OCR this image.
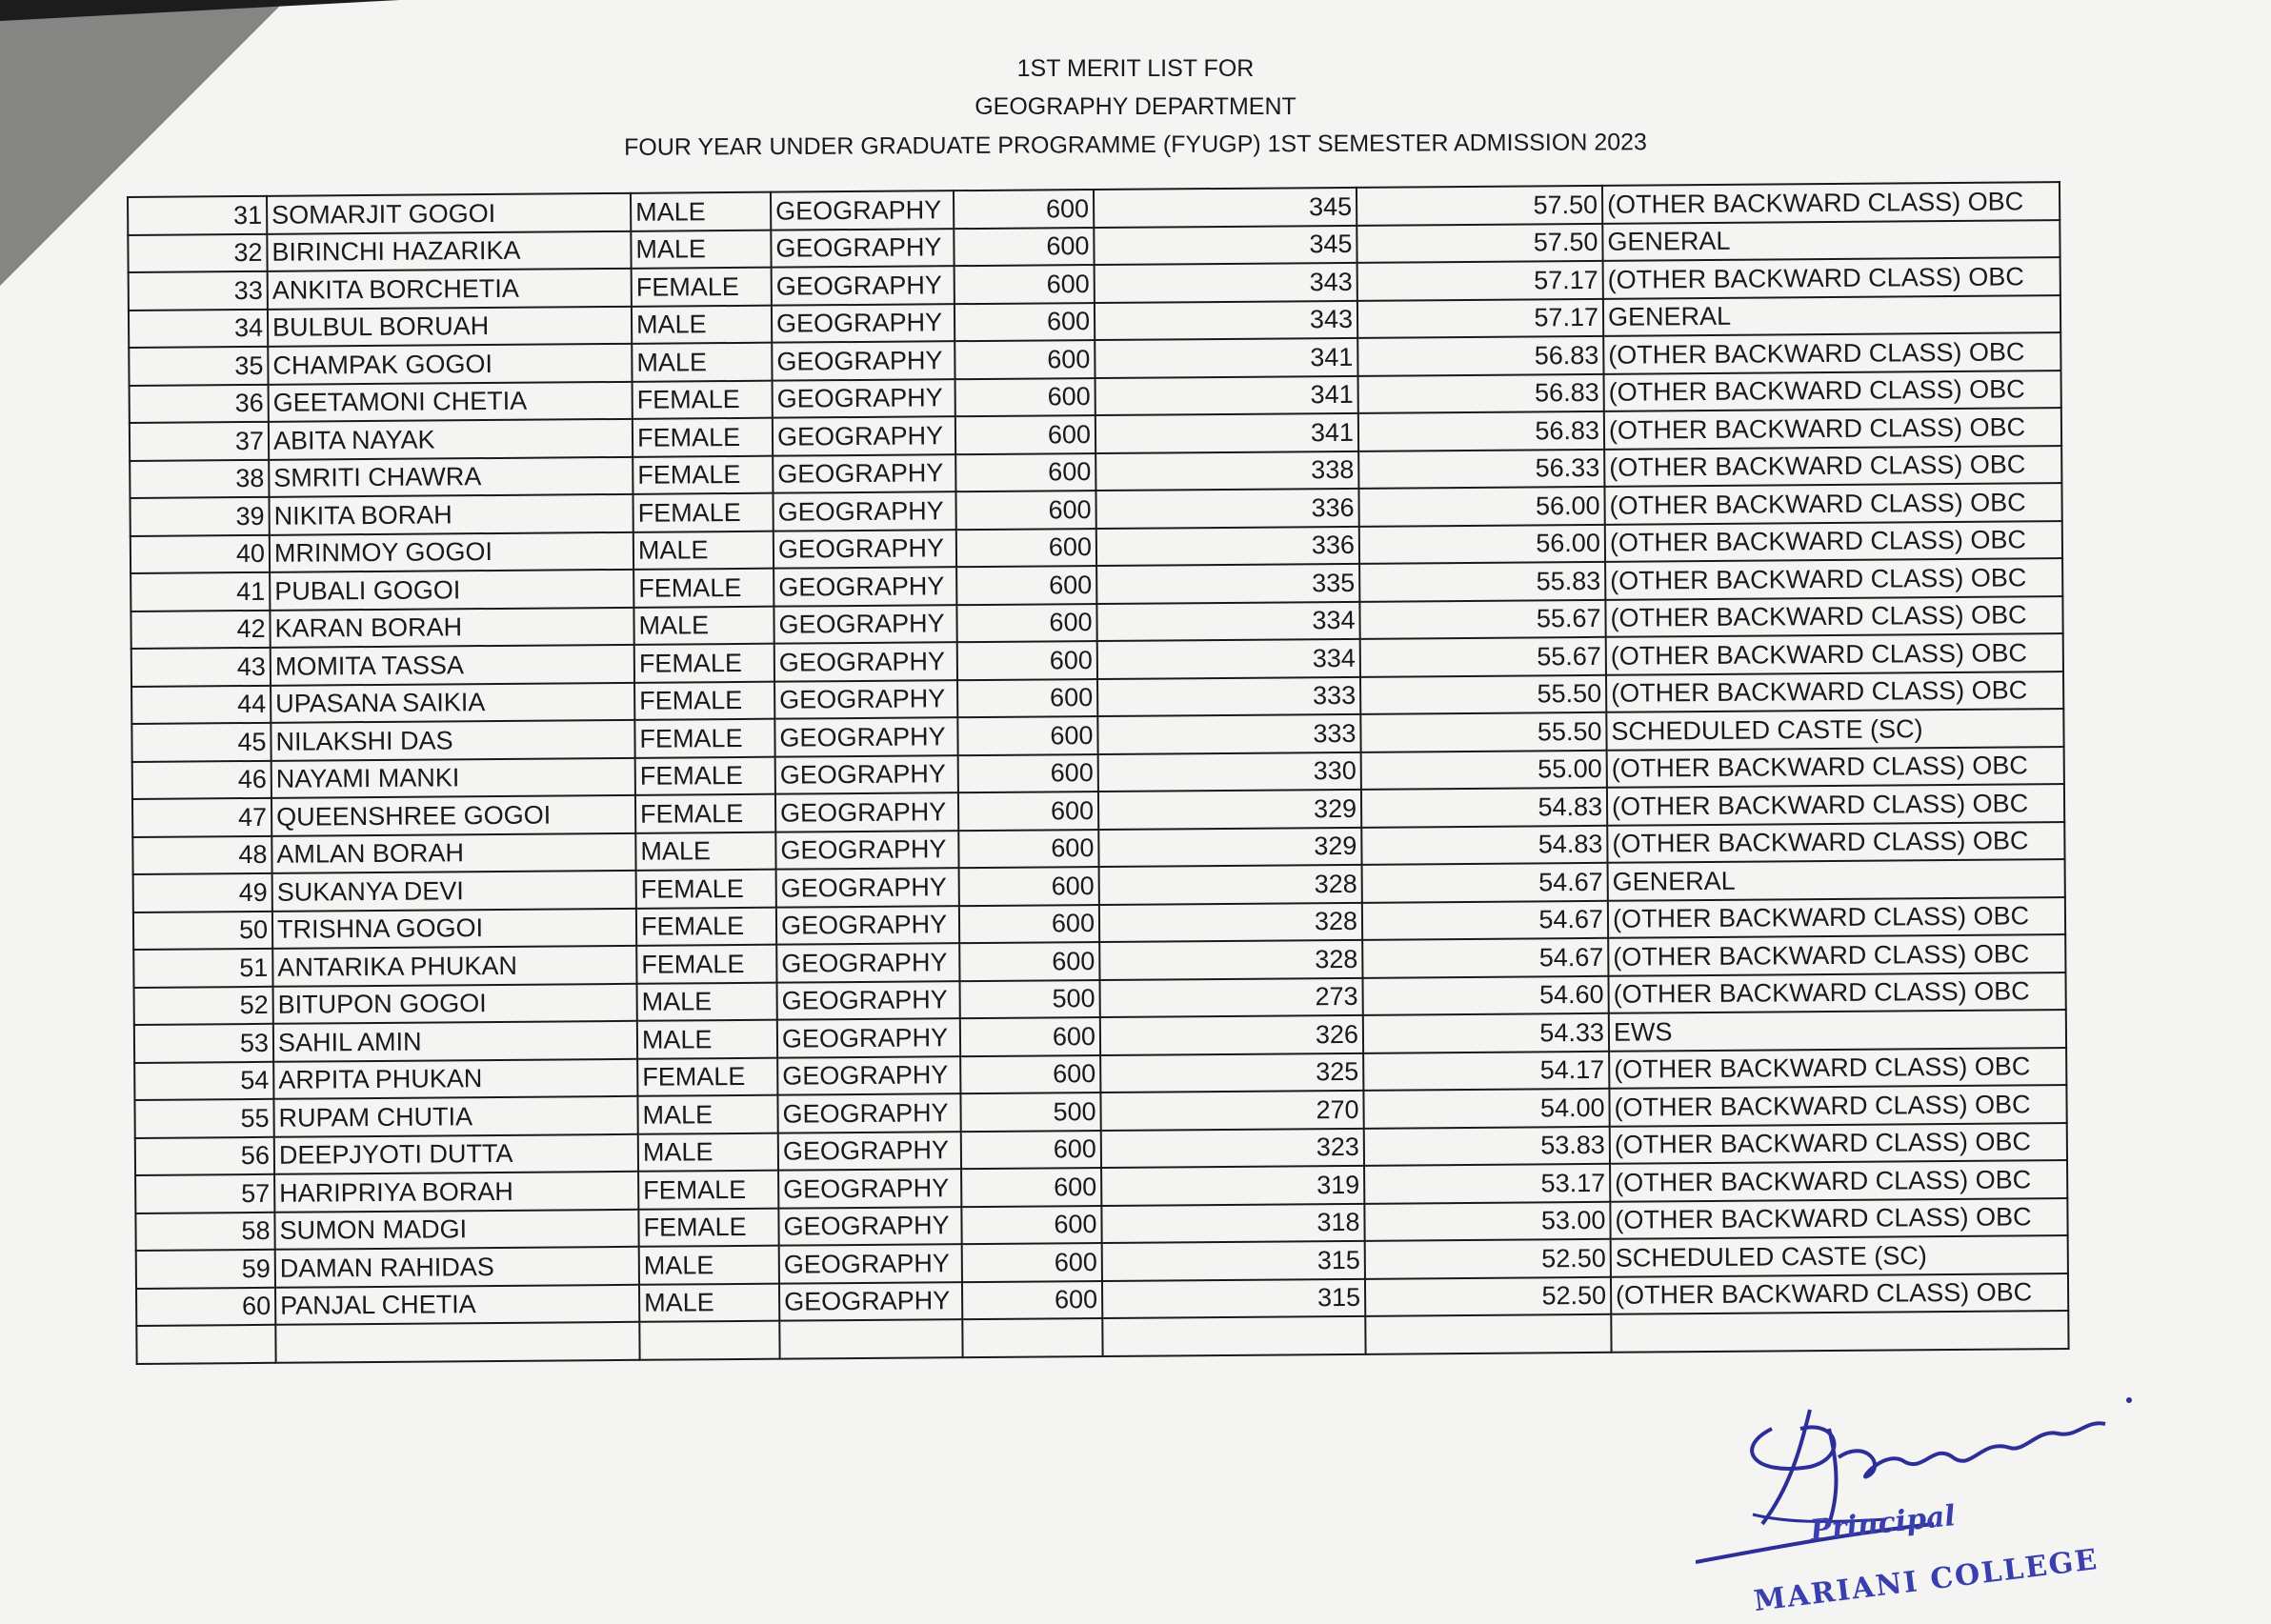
1ST MERIT LIST FOR
GEOGRAPHY DEPARTMENT
FOUR YEAR UNDER GRADUATE PROGRAMME (FYUGP) 1ST SEMESTER ADMISSION 2023
31	SOMARJIT GOGOI	MALE	GEOGRAPHY	600	345	57.50	(OTHER BACKWARD CLASS) OBC
32	BIRINCHI HAZARIKA	MALE	GEOGRAPHY	600	345	57.50	GENERAL
33	ANKITA BORCHETIA	FEMALE	GEOGRAPHY	600	343	57.17	(OTHER BACKWARD CLASS) OBC
34	BULBUL BORUAH	MALE	GEOGRAPHY	600	343	57.17	GENERAL
35	CHAMPAK GOGOI	MALE	GEOGRAPHY	600	341	56.83	(OTHER BACKWARD CLASS) OBC
36	GEETAMONI CHETIA	FEMALE	GEOGRAPHY	600	341	56.83	(OTHER BACKWARD CLASS) OBC
37	ABITA NAYAK	FEMALE	GEOGRAPHY	600	341	56.83	(OTHER BACKWARD CLASS) OBC
38	SMRITI CHAWRA	FEMALE	GEOGRAPHY	600	338	56.33	(OTHER BACKWARD CLASS) OBC
39	NIKITA BORAH	FEMALE	GEOGRAPHY	600	336	56.00	(OTHER BACKWARD CLASS) OBC
40	MRINMOY GOGOI	MALE	GEOGRAPHY	600	336	56.00	(OTHER BACKWARD CLASS) OBC
41	PUBALI GOGOI	FEMALE	GEOGRAPHY	600	335	55.83	(OTHER BACKWARD CLASS) OBC
42	KARAN BORAH	MALE	GEOGRAPHY	600	334	55.67	(OTHER BACKWARD CLASS) OBC
43	MOMITA TASSA	FEMALE	GEOGRAPHY	600	334	55.67	(OTHER BACKWARD CLASS) OBC
44	UPASANA SAIKIA	FEMALE	GEOGRAPHY	600	333	55.50	(OTHER BACKWARD CLASS) OBC
45	NILAKSHI DAS	FEMALE	GEOGRAPHY	600	333	55.50	SCHEDULED CASTE (SC)
46	NAYAMI MANKI	FEMALE	GEOGRAPHY	600	330	55.00	(OTHER BACKWARD CLASS) OBC
47	QUEENSHREE GOGOI	FEMALE	GEOGRAPHY	600	329	54.83	(OTHER BACKWARD CLASS) OBC
48	AMLAN BORAH	MALE	GEOGRAPHY	600	329	54.83	(OTHER BACKWARD CLASS) OBC
49	SUKANYA DEVI	FEMALE	GEOGRAPHY	600	328	54.67	GENERAL
50	TRISHNA GOGOI	FEMALE	GEOGRAPHY	600	328	54.67	(OTHER BACKWARD CLASS) OBC
51	ANTARIKA PHUKAN	FEMALE	GEOGRAPHY	600	328	54.67	(OTHER BACKWARD CLASS) OBC
52	BITUPON GOGOI	MALE	GEOGRAPHY	500	273	54.60	(OTHER BACKWARD CLASS) OBC
53	SAHIL AMIN	MALE	GEOGRAPHY	600	326	54.33	EWS
54	ARPITA PHUKAN	FEMALE	GEOGRAPHY	600	325	54.17	(OTHER BACKWARD CLASS) OBC
55	RUPAM CHUTIA	MALE	GEOGRAPHY	500	270	54.00	(OTHER BACKWARD CLASS) OBC
56	DEEPJYOTI DUTTA	MALE	GEOGRAPHY	600	323	53.83	(OTHER BACKWARD CLASS) OBC
57	HARIPRIYA BORAH	FEMALE	GEOGRAPHY	600	319	53.17	(OTHER BACKWARD CLASS) OBC
58	SUMON MADGI	FEMALE	GEOGRAPHY	600	318	53.00	(OTHER BACKWARD CLASS) OBC
59	DAMAN RAHIDAS	MALE	GEOGRAPHY	600	315	52.50	SCHEDULED CASTE (SC)
60	PANJAL CHETIA	MALE	GEOGRAPHY	600	315	52.50	(OTHER BACKWARD CLASS) OBC

Principal
MARIANI COLLEGE
